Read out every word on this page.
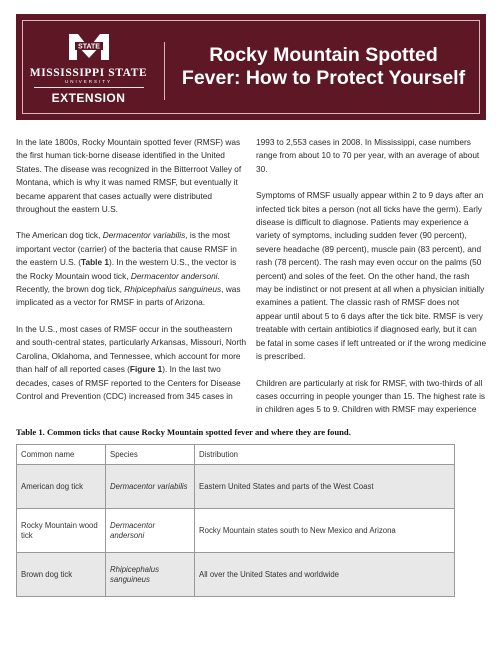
STATE
MISSISSIPPI STATE
UNIVERSITY
EXTENSION
Rocky Mountain Spotted
Fever: How to Protect Yourself

In the late 1800s, Rocky Mountain spotted fever (RMSF) was the first human tick-borne disease identified in the United States. The disease was recognized in the Bitterroot Valley of Montana, which is why it was named RMSF, but eventually it became apparent that cases actually were distributed throughout the eastern U.S.

The American dog tick, Dermacentor variabilis, is the most important vector (carrier) of the bacteria that cause RMSF in the eastern U.S. (Table 1). In the western U.S., the vector is the Rocky Mountain wood tick, Dermacentor andersoni. Recently, the brown dog tick, Rhipicephalus sanguineus, was implicated as a vector for RMSF in parts of Arizona.

In the U.S., most cases of RMSF occur in the southeastern and south-central states, particularly Arkansas, Missouri, North Carolina, Oklahoma, and Tennessee, which account for more than half of all reported cases (Figure 1). In the last two decades, cases of RMSF reported to the Centers for Disease Control and Prevention (CDC) increased from 345 cases in

1993 to 2,553 cases in 2008. In Mississippi, case numbers range from about 10 to 70 per year, with an average of about 30.

Symptoms of RMSF usually appear within 2 to 9 days after an infected tick bites a person (not all ticks have the germ). Early disease is difficult to diagnose. Patients may experience a variety of symptoms, including sudden fever (90 percent), severe headache (89 percent), muscle pain (83 percent), and rash (78 percent). The rash may even occur on the palms (50 percent) and soles of the feet. On the other hand, the rash may be indistinct or not present at all when a physician initially examines a patient. The classic rash of RMSF does not appear until about 5 to 6 days after the tick bite. RMSF is very treatable with certain antibiotics if diagnosed early, but it can be fatal in some cases if left untreated or if the wrong medicine is prescribed.

Children are particularly at risk for RMSF, with two-thirds of all cases occurring in people younger than 15. The highest rate is in children ages 5 to 9. Children with RMSF may experience

Table 1. Common ticks that cause Rocky Mountain spotted fever and where they are found.
Common name	Species	Distribution
American dog tick	Dermacentor variabilis	Eastern United States and parts of the West Coast
Rocky Mountain wood tick	Dermacentor andersoni	Rocky Mountain states south to New Mexico and Arizona
Brown dog tick	Rhipicephalus sanguineus	All over the United States and worldwide
